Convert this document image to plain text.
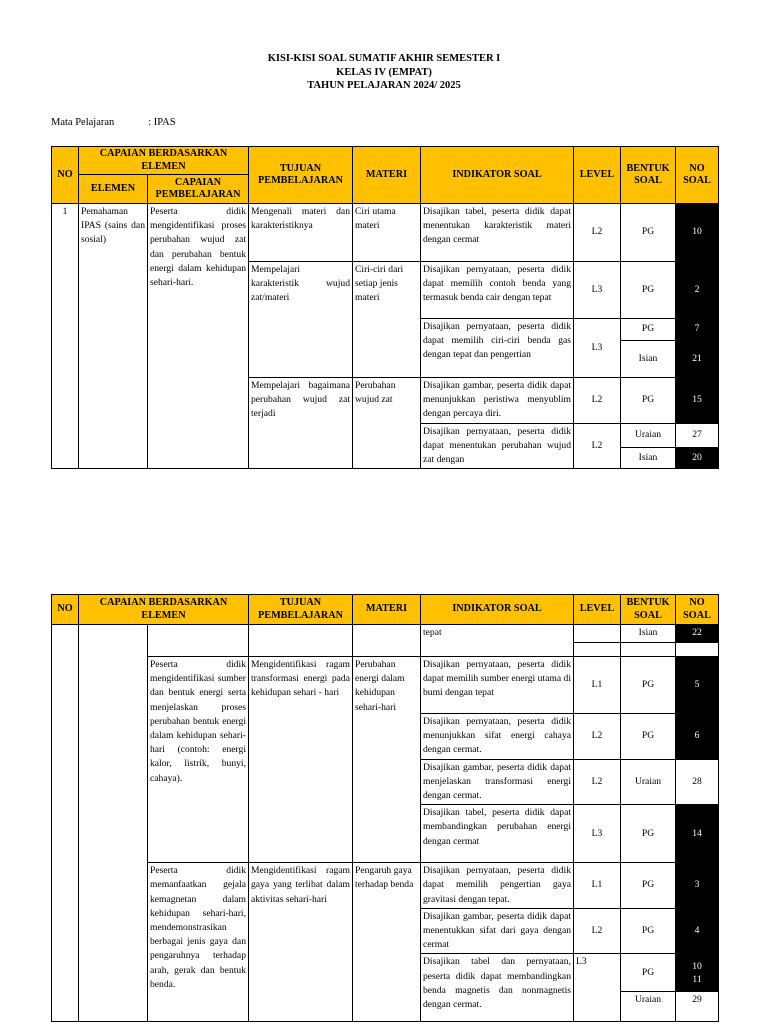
KISI-KISI SOAL SUMATIF AKHIR SEMESTER I
KELAS IV (EMPAT)
TAHUN PELAJARAN 2024/ 2025
Mata Pelajaran	: IPAS
NO	CAPAIAN BERDASARKAN ELEMEN		TUJUAN PEMBELAJARAN	MATERI	INDIKATOR SOAL	LEVEL	BENTUK SOAL	NO SOAL
	ELEMEN	CAPAIAN PEMBELAJARAN						
1	Pemahaman IPAS (sains dan sosial)	Peserta didik mengidentifikasi proses perubahan wujud zat dan perubahan bentuk energi dalam kehidupan sehari-hari.	Mengenali materi dan karakteristiknya	Ciri utama materi	Disajikan tabel, peserta didik dapat menentukan karakteristik materi dengan cermat	L2	PG	10
			Mempelajari karakteristik wujud zat/materi	Ciri-ciri dari setiap jenis materi	Disajikan pernyataan, peserta didik dapat memilih contoh benda yang termasuk benda cair dengan tepat	L3	PG	2
					Disajikan pernyataan, peserta didik dapat memilih ciri-ciri benda gas dengan tepat dan pengertian	L3	PG	7
							Isian	21

			Mempelajari bagaimana perubahan wujud zat terjadi	Perubahan wujud zat	Disajikan gambar, peserta didik dapat menunjukkan peristiwa menyublim dengan percaya diri.	L2	PG	15

					Disajikan pernyataan, peserta didik dapat menentukan perubahan wujud zat dengan	L2	Uraian	27
							Isian	20
NO	CAPAIAN BERDASARKAN ELEMEN		TUJUAN PEMBELAJARAN	MATERI	INDIKATOR SOAL	LEVEL	BENTUK SOAL	NO SOAL
					tepat		Isian	22

		Peserta didik mengidentifikasi sumber dan bentuk energi serta menjelaskan proses perubahan bentuk energi dalam kehidupan sehari-hari (contoh: energi kalor, listrik, bunyi, cahaya).	Mengidentifikasi ragam transformasi energi pada kehidupan sehari - hari	Perubahan energi dalam kehidupan sehari-hari	Disajikan pernyataan, peserta didik dapat memilih sumber energi utama di bumi dengan tepat	L1	PG	5
					Disajikan pernyataan, peserta didik menunjukkan sifat energi cahaya dengan cermat.	L2	PG	6
					Disajikan gambar, peserta didik dapat menjelaskan transformasi energi dengan cermat.	L2	Uraian	28
					Disajikan tabel, peserta didik dapat membandingkan perubahan energi dengan cermat	L3	PG	14
		Peserta didik memanfaatkan gejala kemagnetan dalam kehidupan sehari-hari, mendemonstrasikan berbagai jenis gaya dan pengaruhnya terhadap arah, gerak dan bentuk benda.	Mengidentifikasi ragam gaya yang terlibat dalam aktivitas sehari-hari	Pengaruh gaya terhadap benda	Disajikan pernyataan, peserta didik dapat memilih pengertian gaya gravitasi dengan tepat.	L1	PG	3
					Disajikan gambar, peserta didik dapat menentukkan sifat dari gaya dengan cermat	L2	PG	4
					Disajikan tabel dan pernyataan, peserta didik dapat membandingkan benda magnetis dan nonmagnetis dengan cermat.	L3	PG	10
11
							Uraian	29
